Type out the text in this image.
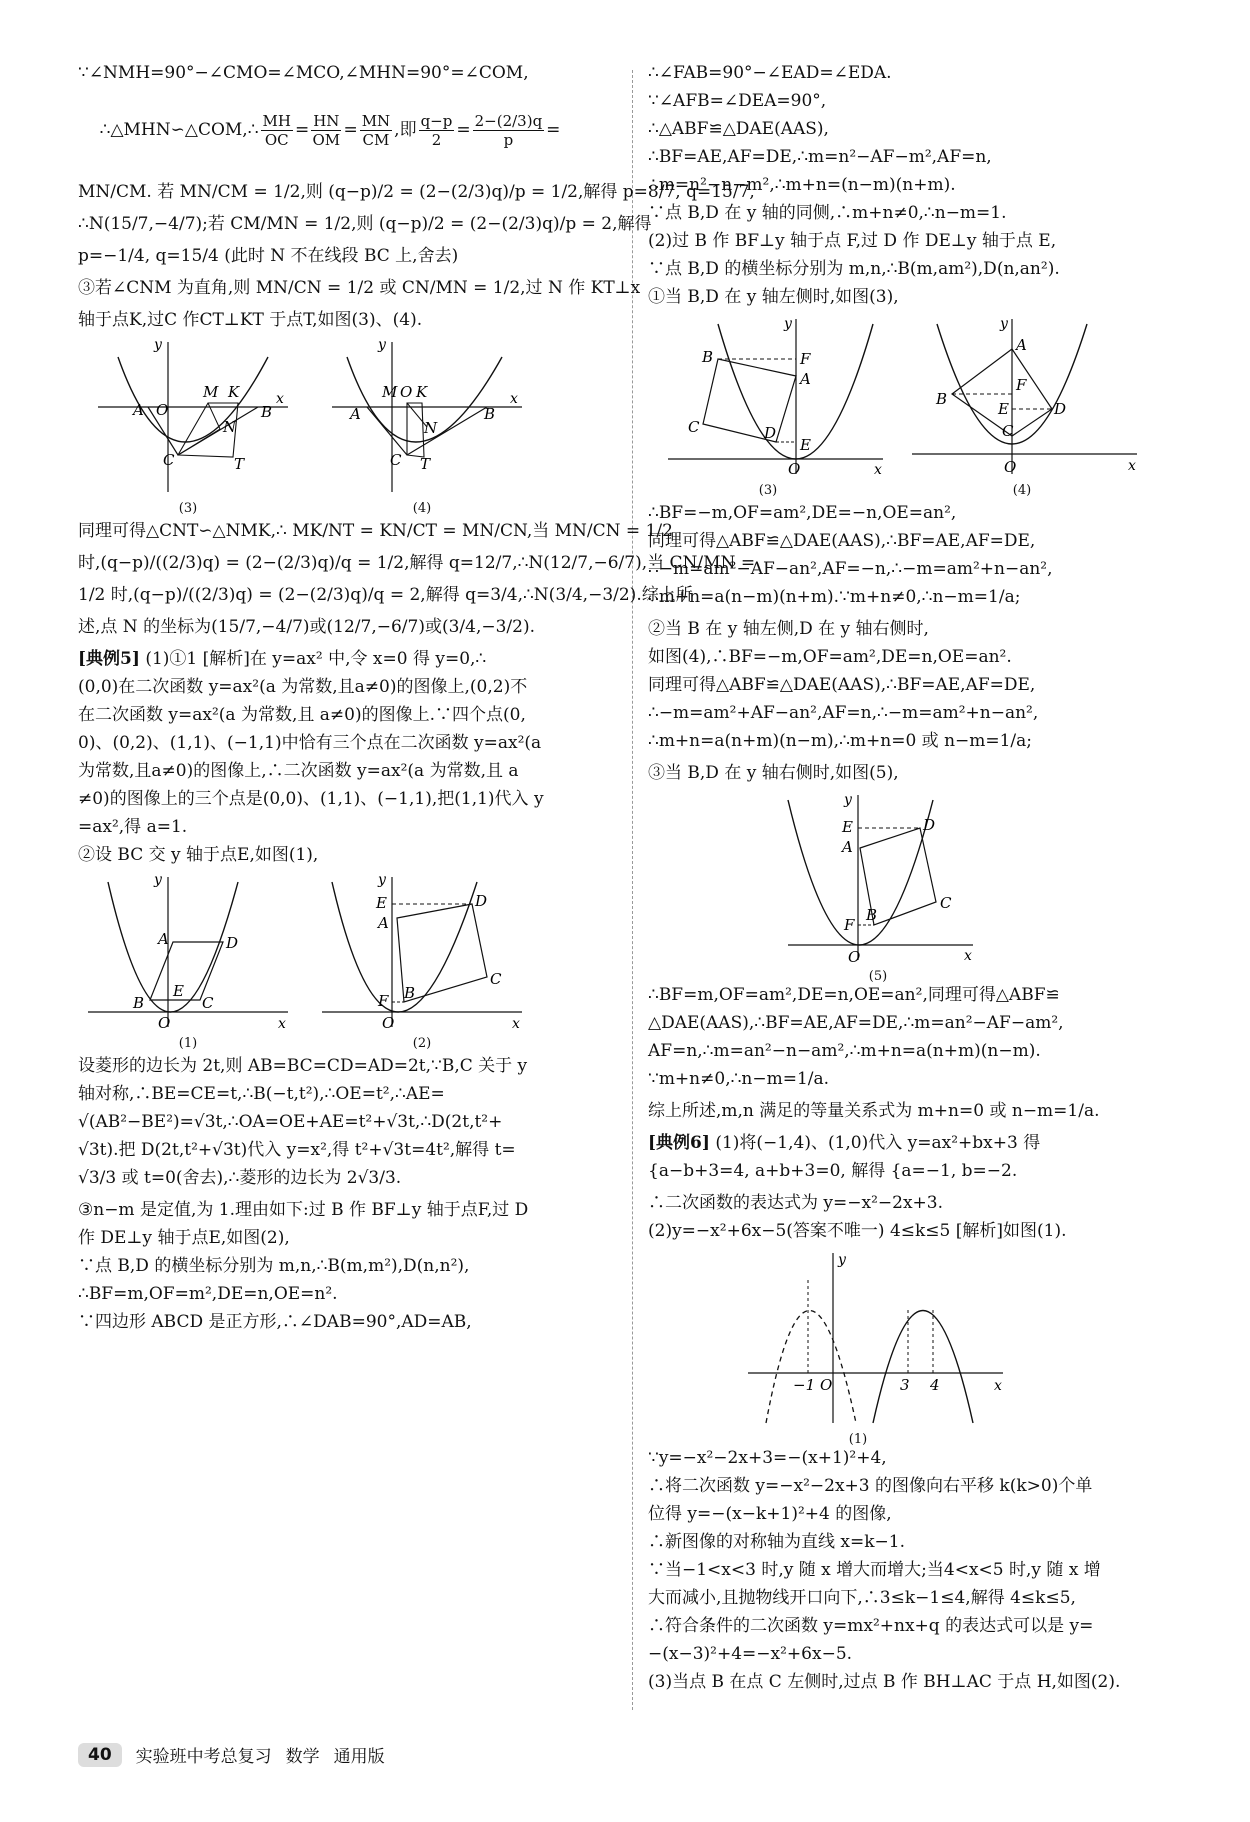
∵∠NMH=90°−∠CMO=∠MCO,∠MHN=90°=∠COM,

∴△MHN∽△COM,∴ $\frac{MH}{OC} = \frac{HN}{OM} = \frac{MN}{CM}$ ,即 $\frac{q-p}{2} = \frac{2-(2/3)q}{p}$ =

MN/CM. 若 MN/CM = 1/2,则 (q−p)/2 = (2−(2/3)q)/p = 1/2,解得 p=8/7, q=15/7,

∴N(15/7,−4/7);若 CM/MN = 1/2,则 (q−p)/2 = (2−(2/3)q)/p = 2,解得

p=−1/4, q=15/4 (此时 N 不在线段 BC 上,舍去)

③若∠CNM 为直角,则 MN/CN = 1/2 或 CN/MN = 1/2,过 N 作 KT⊥x

轴于点K,过C 作CT⊥KT 于点T,如图(3)、(4).

A O	B
M K
N
C	T
x
y
(3)
A
M O K
N
B
C T
x
y
(4)

同理可得△CNT∽△NMK,∴ MK/NT = KN/CT = MN/CN,当 MN/CN = 1/2

时,(q−p)/((2/3)q) = (2−(2/3)q)/q = 1/2,解得 q=12/7,∴N(12/7,−6/7),当 CN/MN =

1/2 时,(q−p)/((2/3)q) = (2−(2/3)q)/q = 2,解得 q=3/4,∴N(3/4,−3/2).综上所

述,点 N 的坐标为(15/7,−4/7)或(12/7,−6/7)或(3/4,−3/2).

[典例5] (1)①1 [解析]在 y=ax² 中,令 x=0 得 y=0,∴

(0,0)在二次函数 y=ax²(a 为常数,且a≠0)的图像上,(0,2)不

在二次函数 y=ax²(a 为常数,且 a≠0)的图像上.∵四个点(0,

0)、(0,2)、(1,1)、(−1,1)中恰有三个点在二次函数 y=ax²(a

为常数,且a≠0)的图像上,∴二次函数 y=ax²(a 为常数,且 a

≠0)的图像上的三个点是(0,0)、(1,1)、(−1,1),把(1,1)代入 y

=ax²,得 a=1.

②设 BC 交 y 轴于点E,如图(1),

A	D
B
E
C
O	x
y
(1)
E
A
D
F B
C
O	x
y
(2)

设菱形的边长为 2t,则 AB=BC=CD=AD=2t,∵B,C 关于 y

轴对称,∴BE=CE=t,∴B(−t,t²),∴OE=t²,∴AE=

√(AB²−BE²)=√3t,∴OA=OE+AE=t²+√3t,∴D(2t,t²+

√3t).把 D(2t,t²+√3t)代入 y=x²,得 t²+√3t=4t²,解得 t=

√3/3 或 t=0(舍去),∴菱形的边长为 2√3/3.

③n−m 是定值,为 1.理由如下:过 B 作 BF⊥y 轴于点F,过 D

作 DE⊥y 轴于点E,如图(2),

∵点 B,D 的横坐标分别为 m,n,∴B(m,m²),D(n,n²),

∴BF=m,OF=m²,DE=n,OE=n².

∵四边形 ABCD 是正方形,∴∠DAB=90°,AD=AB,

∴∠FAB=90°−∠EAD=∠EDA.

∵∠AFB=∠DEA=90°,

∴△ABF≌△DAE(AAS),

∴BF=AE,AF=DE,∴m=n²−AF−m²,AF=n,

∴m=n²−n−m²,∴m+n=(n−m)(n+m).

∵点 B,D 在 y 轴的同侧,∴m+n≠0,∴n−m=1.

(2)过 B 作 BF⊥y 轴于点 F,过 D 作 DE⊥y 轴于点 E,

∵点 B,D 的横坐标分别为 m,n,∴B(m,am²),D(n,an²).

①当 B,D 在 y 轴左侧时,如图(3),

B	F
A
C	D
E
O	x
y
(3)
A
B
F
E	D
C
O	x
y
(4)

∴BF=−m,OF=am²,DE=−n,OE=an²,

同理可得△ABF≌△DAE(AAS),∴BF=AE,AF=DE,

∴−m=am²−AF−an²,AF=−n,∴−m=am²+n−an²,

∴m+n=a(n−m)(n+m).∵m+n≠0,∴n−m=1/a;

②当 B 在 y 轴左侧,D 在 y 轴右侧时,

如图(4),∴BF=−m,OF=am²,DE=n,OE=an².

同理可得△ABF≌△DAE(AAS),∴BF=AE,AF=DE,

∴−m=am²+AF−an²,AF=n,∴−m=am²+n−an²,

∴m+n=a(n+m)(n−m),∴m+n=0 或 n−m=1/a;

③当 B,D 在 y 轴右侧时,如图(5),

E
A
D
F
B
C
O	x
y
(5)

∴BF=m,OF=am²,DE=n,OE=an²,同理可得△ABF≌

△DAE(AAS),∴BF=AE,AF=DE,∴m=an²−AF−am²,

AF=n,∴m=an²−n−am²,∴m+n=a(n+m)(n−m).

∵m+n≠0,∴n−m=1/a.

综上所述,m,n 满足的等量关系式为 m+n=0 或 n−m=1/a.

[典例6] (1)将(−1,4)、(1,0)代入 y=ax²+bx+3 得

{a−b+3=4, a+b+3=0, 解得 {a=−1, b=−2.

∴二次函数的表达式为 y=−x²−2x+3.

(2)y=−x²+6x−5(答案不唯一) 4≤k≤5 [解析]如图(1).

−1 O	3 4	x
y
(1)

∵y=−x²−2x+3=−(x+1)²+4,

∴将二次函数 y=−x²−2x+3 的图像向右平移 k(k>0)个单

位得 y=−(x−k+1)²+4 的图像,

∴新图像的对称轴为直线 x=k−1.

∵当−1<x<3 时,y 随 x 增大而增大;当4<x<5 时,y 随 x 增

大而减小,且抛物线开口向下,∴3≤k−1≤4,解得 4≤k≤5,

∴符合条件的二次函数 y=mx²+nx+q 的表达式可以是 y=

−(x−3)²+4=−x²+6x−5.

(3)当点 B 在点 C 左侧时,过点 B 作 BH⊥AC 于点 H,如图(2).

40	实验班中考总复习 数学 通用版
